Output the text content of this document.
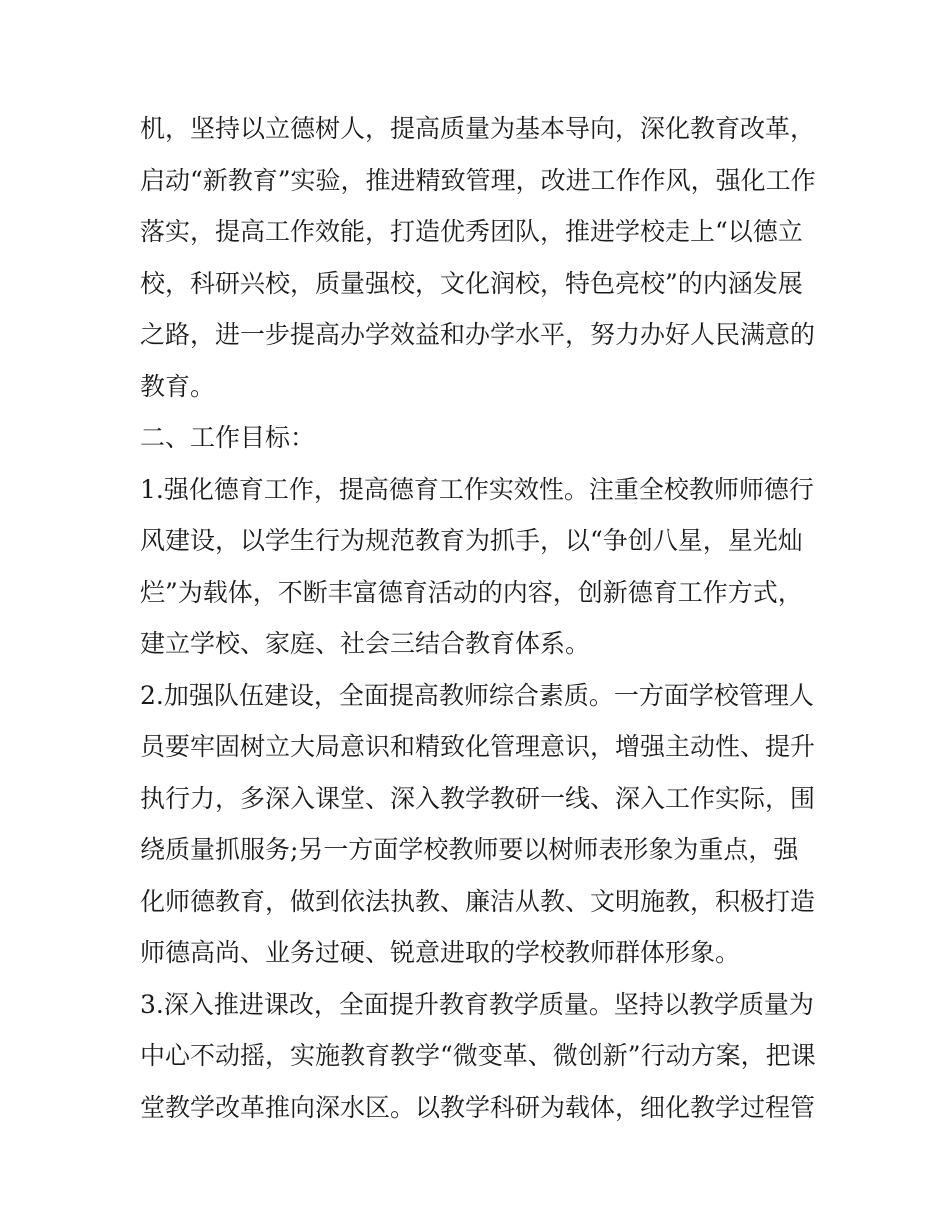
机，坚持以立德树人，提高质量为基本导向，深化教育改革，
启动“新教育”实验，推进精致管理，改进工作作风，强化工作
落实，提高工作效能，打造优秀团队，推进学校走上“以德立
校，科研兴校，质量强校，文化润校，特色亮校”的内涵发展
之路，进一步提高办学效益和办学水平，努力办好人民满意的
教育。
二、工作目标：
1.强化德育工作，提高德育工作实效性。注重全校教师师德行
风建设，以学生行为规范教育为抓手，以“争创八星，星光灿
烂”为载体，不断丰富德育活动的内容，创新德育工作方式，
建立学校、家庭、社会三结合教育体系。
2.加强队伍建设，全面提高教师综合素质。一方面学校管理人
员要牢固树立大局意识和精致化管理意识，增强主动性、提升
执行力，多深入课堂、深入教学教研一线、深入工作实际，围
绕质量抓服务;另一方面学校教师要以树师表形象为重点，强
化师德教育，做到依法执教、廉洁从教、文明施教，积极打造
师德高尚、业务过硬、锐意进取的学校教师群体形象。
3.深入推进课改，全面提升教育教学质量。坚持以教学质量为
中心不动摇，实施教育教学“微变革、微创新”行动方案，把课
堂教学改革推向深水区。以教学科研为载体，细化教学过程管
